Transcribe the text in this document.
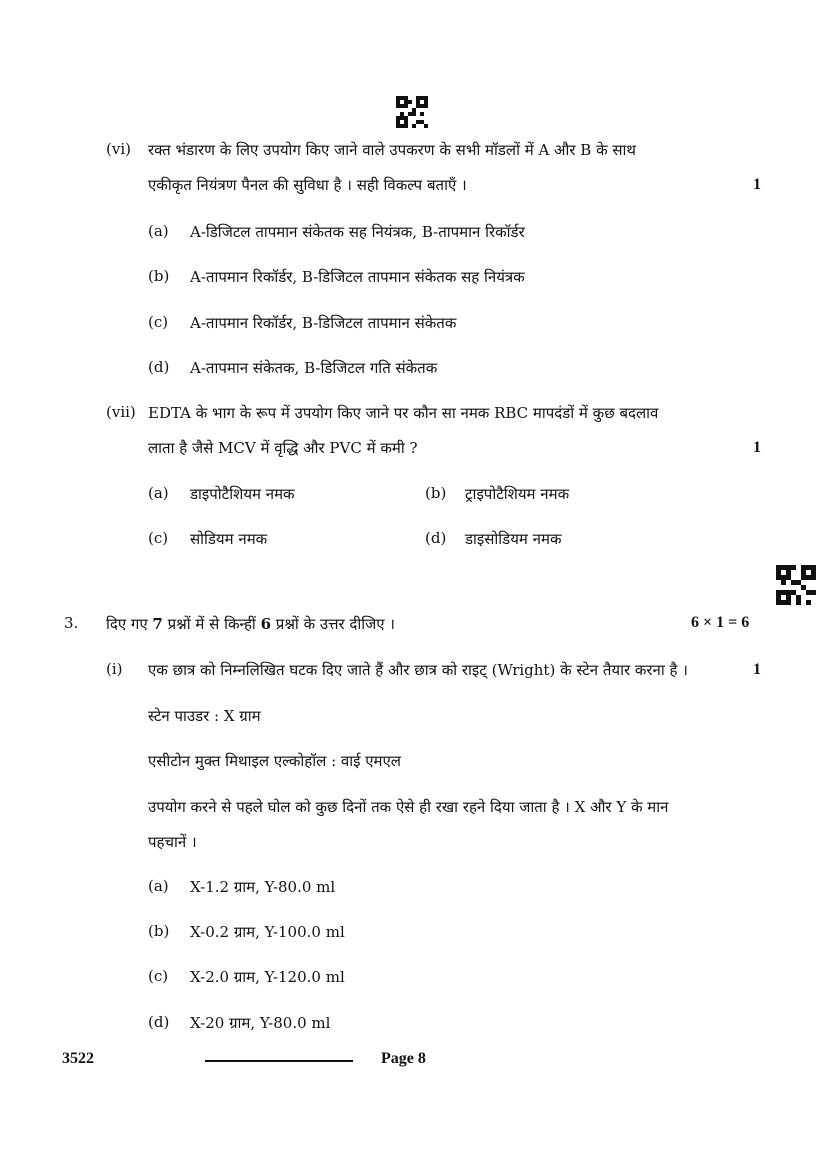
(vi) रक्त भंडारण के लिए उपयोग किए जाने वाले उपकरण के सभी मॉडलों में A और B के साथ
एकीकृत नियंत्रण पैनल की सुविधा है । सही विकल्प बताएँ ।	1
(a) A-डिजिटल तापमान संकेतक सह नियंत्रक, B-तापमान रिकॉर्डर
(b) A-तापमान रिकॉर्डर, B-डिजिटल तापमान संकेतक सह नियंत्रक
(c) A-तापमान रिकॉर्डर, B-डिजिटल तापमान संकेतक
(d) A-तापमान संकेतक, B-डिजिटल गति संकेतक
(vii) EDTA के भाग के रूप में उपयोग किए जाने पर कौन सा नमक RBC मापदंडों में कुछ बदलाव
लाता है जैसे MCV में वृद्धि और PVC में कमी ?	1
(a) डाइपोटैशियम नमक	(b) ट्राइपोटैशियम नमक
(c) सोडियम नमक	(d) डाइसोडियम नमक
3. दिए गए 7 प्रश्नों में से किन्हीं 6 प्रश्नों के उत्तर दीजिए ।	6 × 1 = 6
(i) एक छात्र को निम्नलिखित घटक दिए जाते हैं और छात्र को राइट् (Wright) के स्टेन तैयार करना है ।	1
स्टेन पाउडर : X ग्राम
एसीटोन मुक्त मिथाइल एल्कोहॉल : वाई एमएल
उपयोग करने से पहले घोल को कुछ दिनों तक ऐसे ही रखा रहने दिया जाता है । X और Y के मान
पहचानें ।
(a) X-1.2 ग्राम, Y-80.0 ml
(b) X-0.2 ग्राम, Y-100.0 ml
(c) X-2.0 ग्राम, Y-120.0 ml
(d) X-20 ग्राम, Y-80.0 ml
3522	Page 8
